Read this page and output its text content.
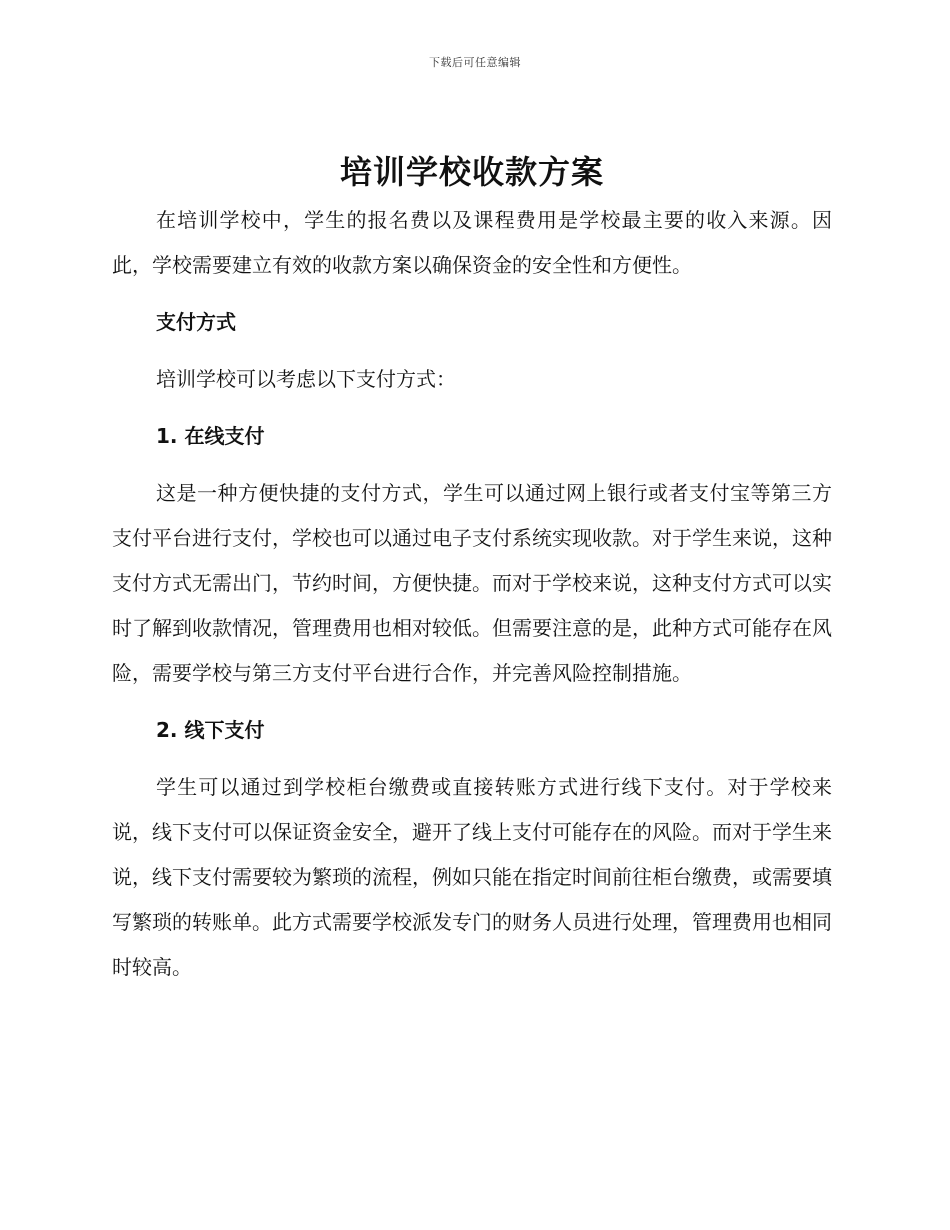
下载后可任意编辑
培训学校收款方案

在培训学校中，学生的报名费以及课程费用是学校最主要的收入来源。因此，学校需要建立有效的收款方案以确保资金的安全性和方便性。

支付方式

培训学校可以考虑以下支付方式：

1. 在线支付

这是一种方便快捷的支付方式，学生可以通过网上银行或者支付宝等第三方支付平台进行支付，学校也可以通过电子支付系统实现收款。对于学生来说，这种支付方式无需出门，节约时间，方便快捷。而对于学校来说，这种支付方式可以实时了解到收款情况，管理费用也相对较低。但需要注意的是，此种方式可能存在风险，需要学校与第三方支付平台进行合作，并完善风险控制措施。

2. 线下支付

学生可以通过到学校柜台缴费或直接转账方式进行线下支付。对于学校来说，线下支付可以保证资金安全，避开了线上支付可能存在的风险。而对于学生来说，线下支付需要较为繁琐的流程，例如只能在指定时间前往柜台缴费，或需要填写繁琐的转账单。此方式需要学校派发专门的财务人员进行处理，管理费用也相同时较高。
